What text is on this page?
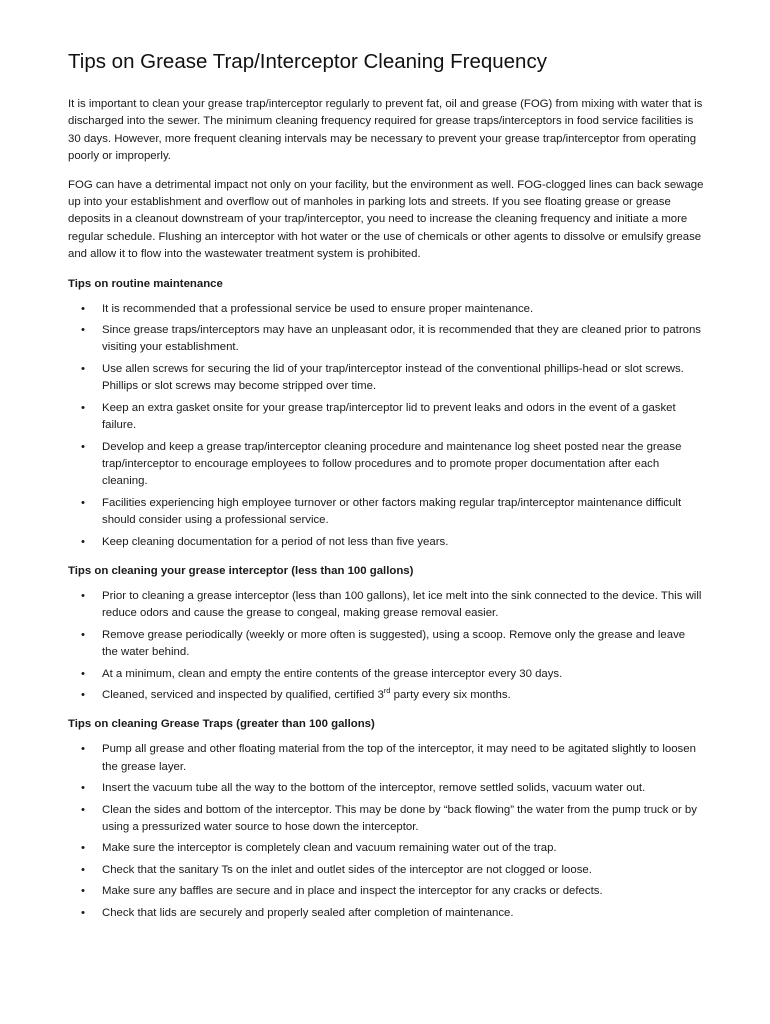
Tips on Grease Trap/Interceptor Cleaning Frequency

It is important to clean your grease trap/interceptor regularly to prevent fat, oil and grease (FOG) from mixing with water that is discharged into the sewer. The minimum cleaning frequency required for grease traps/interceptors in food service facilities is 30 days. However, more frequent cleaning intervals may be necessary to prevent your grease trap/interceptor from operating poorly or improperly.

FOG can have a detrimental impact not only on your facility, but the environment as well. FOG-clogged lines can back sewage up into your establishment and overflow out of manholes in parking lots and streets. If you see floating grease or grease deposits in a cleanout downstream of your trap/interceptor, you need to increase the cleaning frequency and initiate a more regular schedule. Flushing an interceptor with hot water or the use of chemicals or other agents to dissolve or emulsify grease and allow it to flow into the wastewater treatment system is prohibited.

Tips on routine maintenance
• It is recommended that a professional service be used to ensure proper maintenance.
• Since grease traps/interceptors may have an unpleasant odor, it is recommended that they are cleaned prior to patrons visiting your establishment.
• Use allen screws for securing the lid of your trap/interceptor instead of the conventional phillips-head or slot screws. Phillips or slot screws may become stripped over time.
• Keep an extra gasket onsite for your grease trap/interceptor lid to prevent leaks and odors in the event of a gasket failure.
• Develop and keep a grease trap/interceptor cleaning procedure and maintenance log sheet posted near the grease trap/interceptor to encourage employees to follow procedures and to promote proper documentation after each cleaning.
• Facilities experiencing high employee turnover or other factors making regular trap/interceptor maintenance difficult should consider using a professional service.
• Keep cleaning documentation for a period of not less than five years.
Tips on cleaning your grease interceptor (less than 100 gallons)
• Prior to cleaning a grease interceptor (less than 100 gallons), let ice melt into the sink connected to the device. This will reduce odors and cause the grease to congeal, making grease removal easier.
• Remove grease periodically (weekly or more often is suggested), using a scoop. Remove only the grease and leave the water behind.
• At a minimum, clean and empty the entire contents of the grease interceptor every 30 days.
• Cleaned, serviced and inspected by qualified, certified 3rd party every six months.
Tips on cleaning Grease Traps (greater than 100 gallons)
• Pump all grease and other floating material from the top of the interceptor, it may need to be agitated slightly to loosen the grease layer.
• Insert the vacuum tube all the way to the bottom of the interceptor, remove settled solids, vacuum water out.
• Clean the sides and bottom of the interceptor. This may be done by “back flowing” the water from the pump truck or by using a pressurized water source to hose down the interceptor.
• Make sure the interceptor is completely clean and vacuum remaining water out of the trap.
• Check that the sanitary Ts on the inlet and outlet sides of the interceptor are not clogged or loose.
• Make sure any baffles are secure and in place and inspect the interceptor for any cracks or defects.
• Check that lids are securely and properly sealed after completion of maintenance.
